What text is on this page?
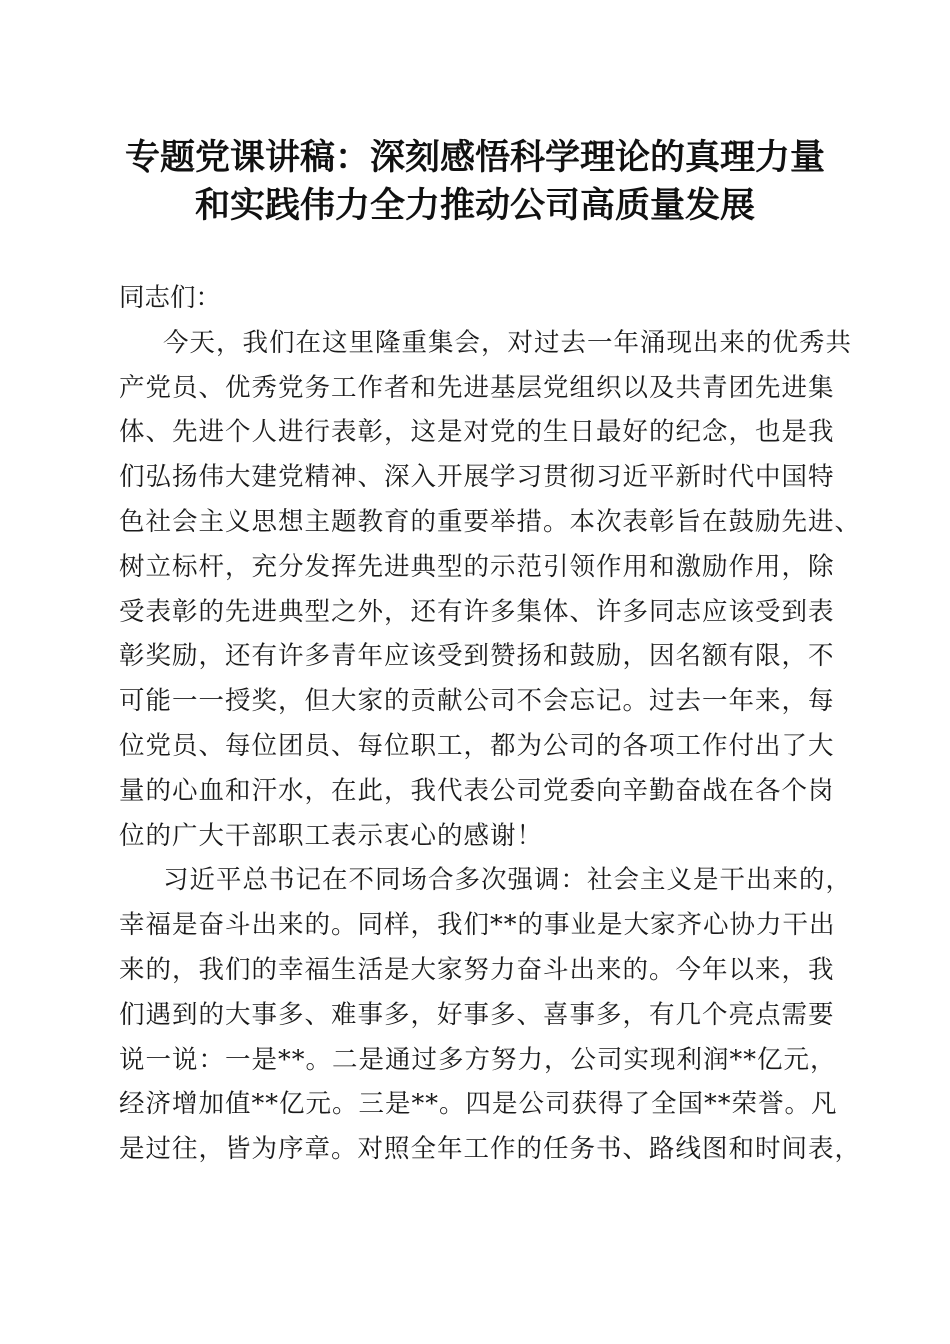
专题党课讲稿：深刻感悟科学理论的真理力量
和实践伟力全力推动公司高质量发展
同志们：
今天，我们在这里隆重集会，对过去一年涌现出来的优秀共
产党员、优秀党务工作者和先进基层党组织以及共青团先进集
体、先进个人进行表彰，这是对党的生日最好的纪念，也是我
们弘扬伟大建党精神、深入开展学习贯彻习近平新时代中国特
色社会主义思想主题教育的重要举措。本次表彰旨在鼓励先进、
树立标杆，充分发挥先进典型的示范引领作用和激励作用，除
受表彰的先进典型之外，还有许多集体、许多同志应该受到表
彰奖励，还有许多青年应该受到赞扬和鼓励，因名额有限，不
可能一一授奖，但大家的贡献公司不会忘记。过去一年来，每
位党员、每位团员、每位职工，都为公司的各项工作付出了大
量的心血和汗水，在此，我代表公司党委向辛勤奋战在各个岗
位的广大干部职工表示衷心的感谢！
习近平总书记在不同场合多次强调：社会主义是干出来的，
幸福是奋斗出来的。同样，我们**的事业是大家齐心协力干出
来的，我们的幸福生活是大家努力奋斗出来的。今年以来，我
们遇到的大事多、难事多，好事多、喜事多，有几个亮点需要
说一说：一是**。二是通过多方努力，公司实现利润**亿元，
经济增加值**亿元。三是**。四是公司获得了全国**荣誉。凡
是过往，皆为序章。对照全年工作的任务书、路线图和时间表，
